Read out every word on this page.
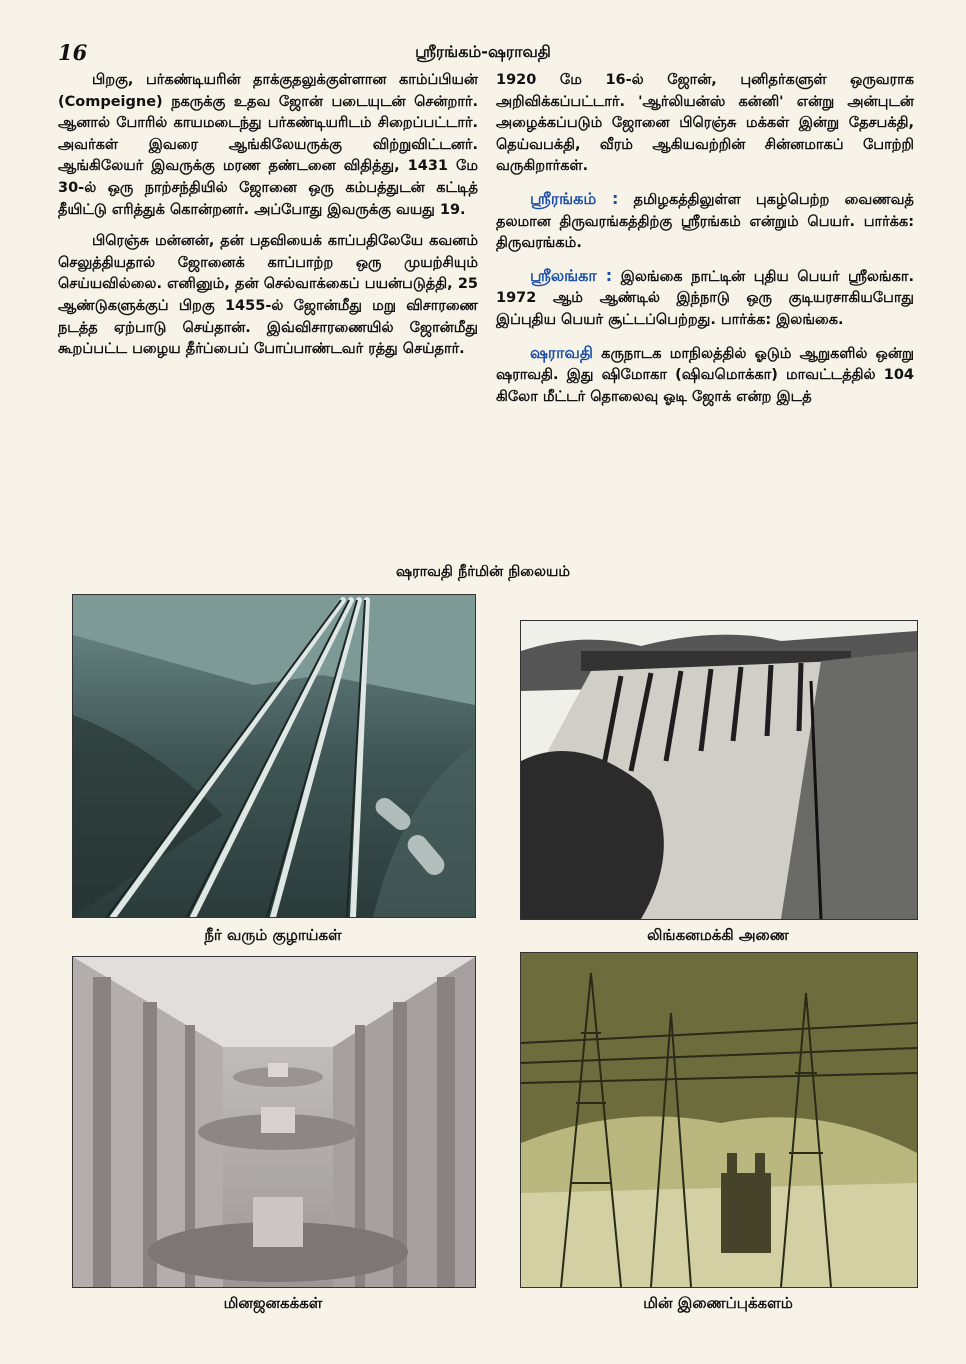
16	ஸ்ரீரங்கம்-ஷராவதி

பிறகு, பர்கண்டியரின் தாக்குதலுக்குள்ளான காம்ப்பியன் (Compeigne) நகருக்கு உதவ ஜோன் படையுடன் சென்றார். ஆனால் போரில் காயமடைந்து பர்கண்டியரிடம் சிறைப்பட்டார். அவர்கள் இவரை ஆங்கிலேயருக்கு விற்றுவிட்டனர். ஆங்கிலேயர் இவருக்கு மரண தண்டனை விதித்து, 1431 மே 30-ல் ஒரு நாற்சந்தியில் ஜோனை ஒரு கம்பத்துடன் கட்டித் தீயிட்டு எரித்துக் கொன்றனர். அப்போது இவருக்கு வயது 19.

பிரெஞ்சு மன்னன், தன் பதவியைக் காப்பதிலேயே கவனம் செலுத்தியதால் ஜோனைக் காப்பாற்ற ஒரு முயற்சியும் செய்யவில்லை. எனினும், தன் செல்வாக்கைப் பயன்படுத்தி, 25 ஆண்டுகளுக்குப் பிறகு 1455-ல் ஜோன்மீது மறு விசாரணை நடத்த ஏற்பாடு செய்தான். இவ்விசாரணையில் ஜோன்மீது கூறப்பட்ட பழைய தீர்ப்பைப் போப்பாண்டவர் ரத்து செய்தார்.

1920 மே 16-ல் ஜோன், புனிதர்களுள் ஒருவராக அறிவிக்கப்பட்டார். 'ஆர்லியன்ஸ் கன்னி' என்று அன்புடன் அழைக்கப்படும் ஜோனை பிரெஞ்சு மக்கள் இன்று தேசபக்தி, தெய்வபக்தி, வீரம் ஆகியவற்றின் சின்னமாகப் போற்றி வருகிறார்கள்.

ஸ்ரீரங்கம் : தமிழகத்திலுள்ள புகழ்பெற்ற வைணவத் தலமான திருவரங்கத்திற்கு ஸ்ரீரங்கம் என்றும் பெயர். பார்க்க: திருவரங்கம்.

ஸ்ரீலங்கா : இலங்கை நாட்டின் புதிய பெயர் ஸ்ரீலங்கா. 1972 ஆம் ஆண்டில் இந்நாடு ஒரு குடியரசாகியபோது இப்புதிய பெயர் சூட்டப்பெற்றது. பார்க்க: இலங்கை.

ஷராவதி கருநாடக மாநிலத்தில் ஓடும் ஆறுகளில் ஒன்று ஷராவதி. இது ஷிமோகா (ஷிவமொக்கா) மாவட்டத்தில் 104 கிலோ மீட்டர் தொலைவு ஓடி ஜோக் என்ற இடத்

ஷராவதி நீர்மின் நிலையம்
நீர் வரும் குழாய்கள்	லிங்கனமக்கி அணை
மினஜனகக்கள்	மின் இணைப்புக்களம்
